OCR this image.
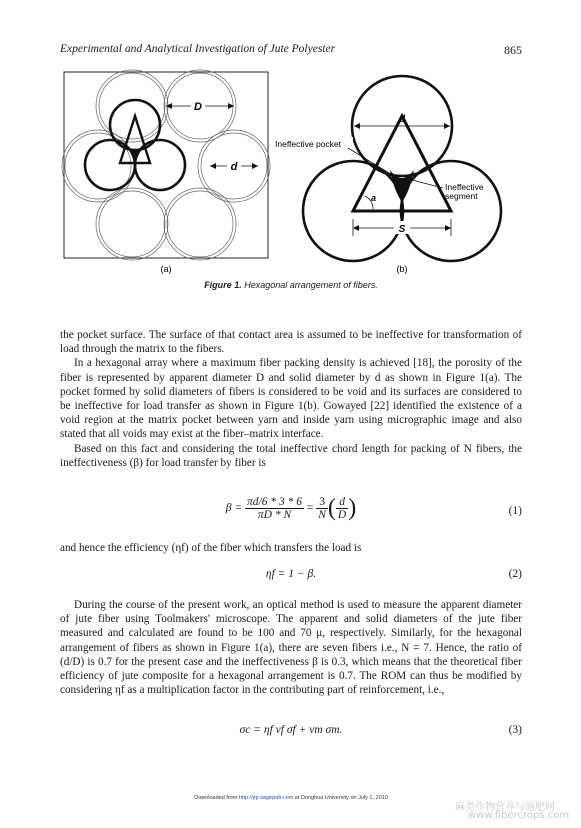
Experimental and Analytical Investigation of Jute Polyester	865
D
d
(a)
d
Ineffective pocket
Ineffective
segment
a
S
(b)
Figure 1. Hexagonal arrangement of fibers.

the pocket surface. The surface of that contact area is assumed to be ineffective for transformation of load through the matrix to the fibers.

In a hexagonal array where a maximum fiber packing density is achieved [18], the porosity of the fiber is represented by apparent diameter D and solid diameter by d as shown in Figure 1(a). The pocket formed by solid diameters of fibers is considered to be void and its surfaces are considered to be ineffective for load transfer as shown in Figure 1(b). Gowayed [22] identified the existence of a void region at the matrix pocket between yarn and inside yarn using micrographic image and also stated that all voids may exist at the fiber–matrix interface.

Based on this fact and considering the total ineffective chord length for packing of N fibers, the ineffectiveness (β) for load transfer by fiber is

$\beta = \frac{\pi d/6 * 3 * 6}{\pi D * N} = \frac{3}{N}$ ( $\frac{d}{D}$ )	(1)

and hence the efficiency (ηf) of the fiber which transfers the load is

ηf = 1 − β.	(2)

During the course of the present work, an optical method is used to measure the apparent diameter of jute fiber using Toolmakers' microscope. The apparent and solid diameters of the jute fiber measured and calculated are found to be 100 and 70 μ, respectively. Similarly, for the hexagonal arrangement of fibers as shown in Figure 1(a), there are seven fibers i.e., N = 7. Hence, the ratio of (d/D) is 0.7 for the present case and the ineffectiveness β is 0.3, which means that the theoretical fiber efficiency of jute composite for a hexagonal arrangement is 0.7. The ROM can thus be modified by considering ηf as a multiplication factor in the contributing part of reinforcement, i.e.,

σc = ηf vf σf + vm σm.	(3)
Downloaded from http://jrp.sagepub.com at Donghua University on July 1, 2010
麻类作物营养与施肥网
www.fibercrops.com
